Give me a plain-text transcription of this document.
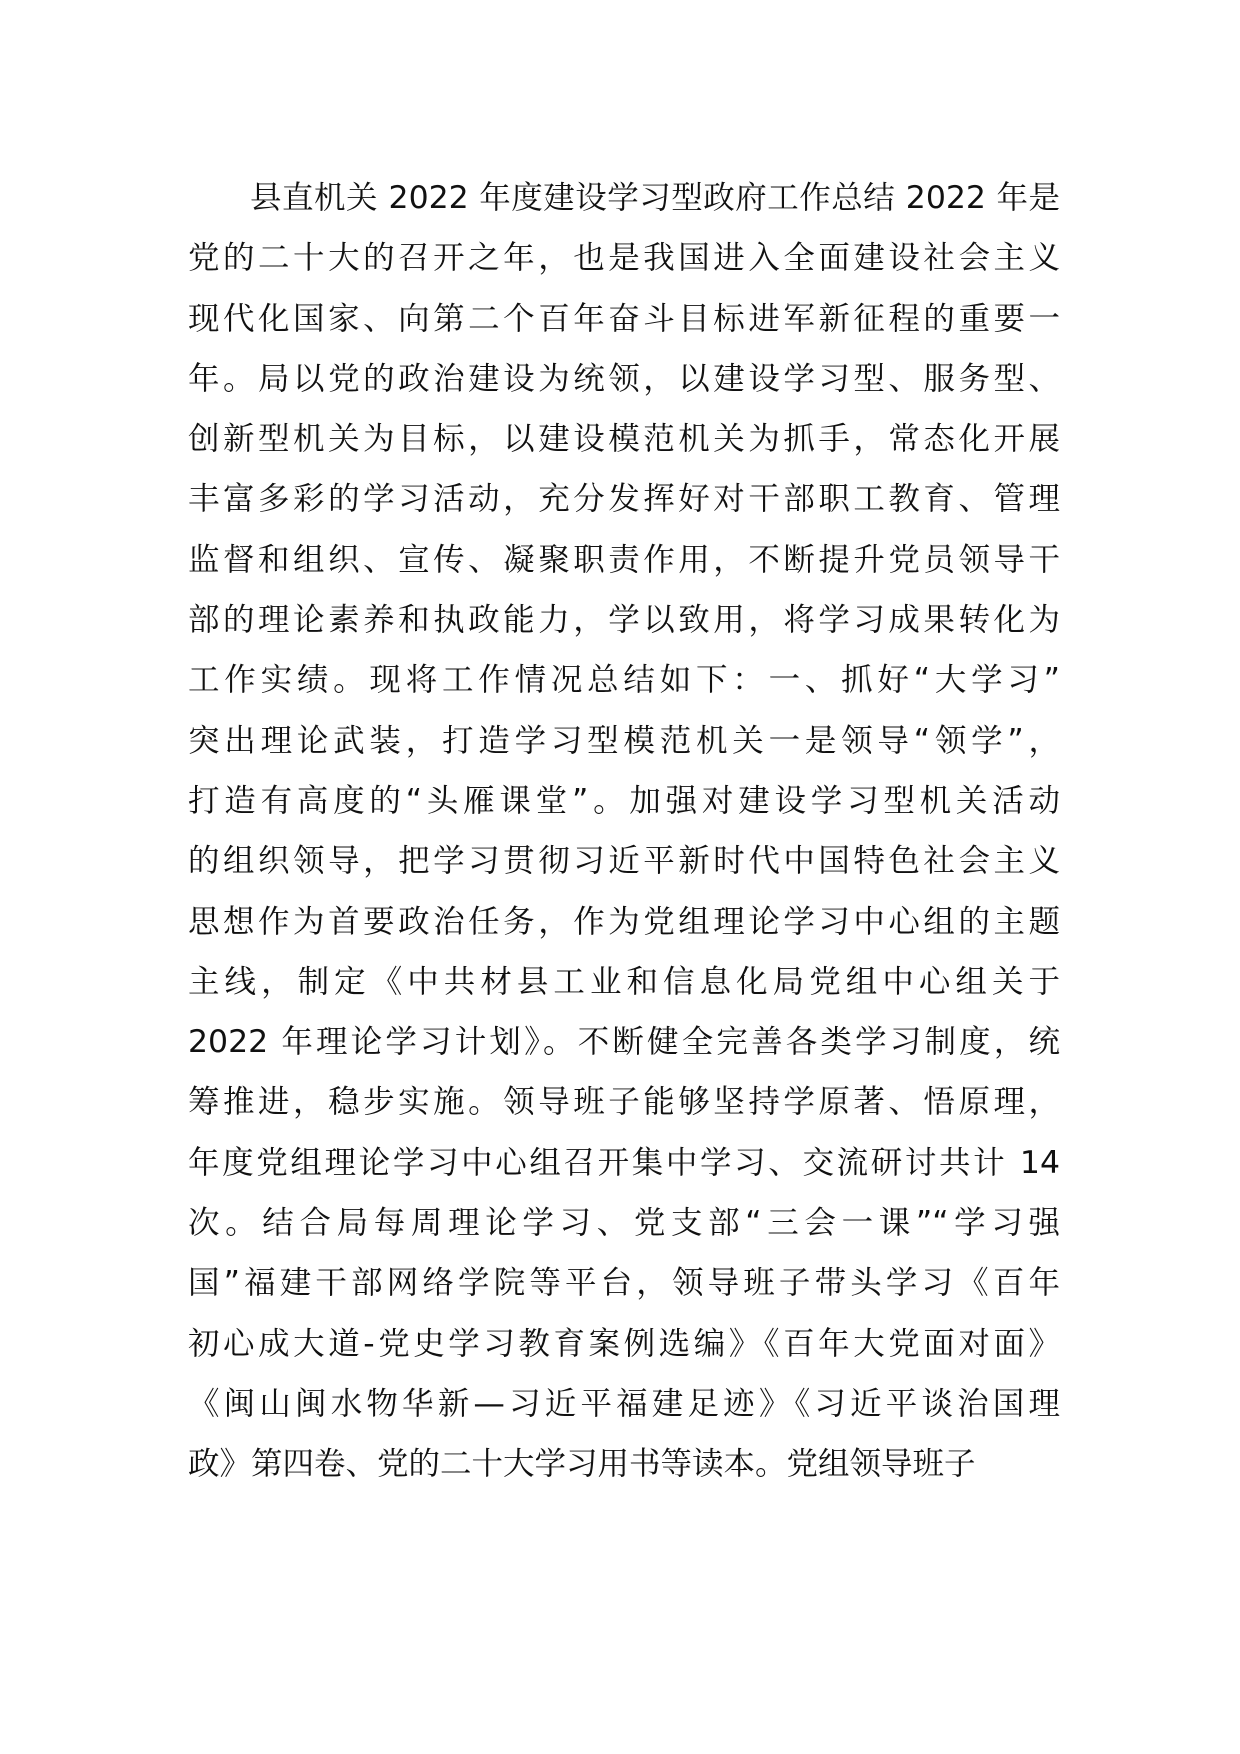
县直机关 2022 年度建设学习型政府工作总结 2022 年是
党的二十大的召开之年，也是我国进入全面建设社会主义
现代化国家、向第二个百年奋斗目标进军新征程的重要一
年。局以党的政治建设为统领，以建设学习型、服务型、
创新型机关为目标，以建设模范机关为抓手，常态化开展
丰富多彩的学习活动，充分发挥好对干部职工教育、管理
监督和组织、宣传、凝聚职责作用，不断提升党员领导干
部的理论素养和执政能力，学以致用，将学习成果转化为
工作实绩。现将工作情况总结如下：一、抓好“大学习”
突出理论武装，打造学习型模范机关一是领导“领学”，
打造有高度的“头雁课堂”。加强对建设学习型机关活动
的组织领导，把学习贯彻习近平新时代中国特色社会主义
思想作为首要政治任务，作为党组理论学习中心组的主题
主线，制定《中共材县工业和信息化局党组中心组关于
2022 年理论学习计划》。不断健全完善各类学习制度，统
筹推进，稳步实施。领导班子能够坚持学原著、悟原理，
年度党组理论学习中心组召开集中学习、交流研讨共计 14
次。结合局每周理论学习、党支部“三会一课”“学习强
国”福建干部网络学院等平台，领导班子带头学习《百年
初心成大道-党史学习教育案例选编》《百年大党面对面》
《闽山闽水物华新—习近平福建足迹》《习近平谈治国理
政》第四卷、党的二十大学习用书等读本。党组领导班子
